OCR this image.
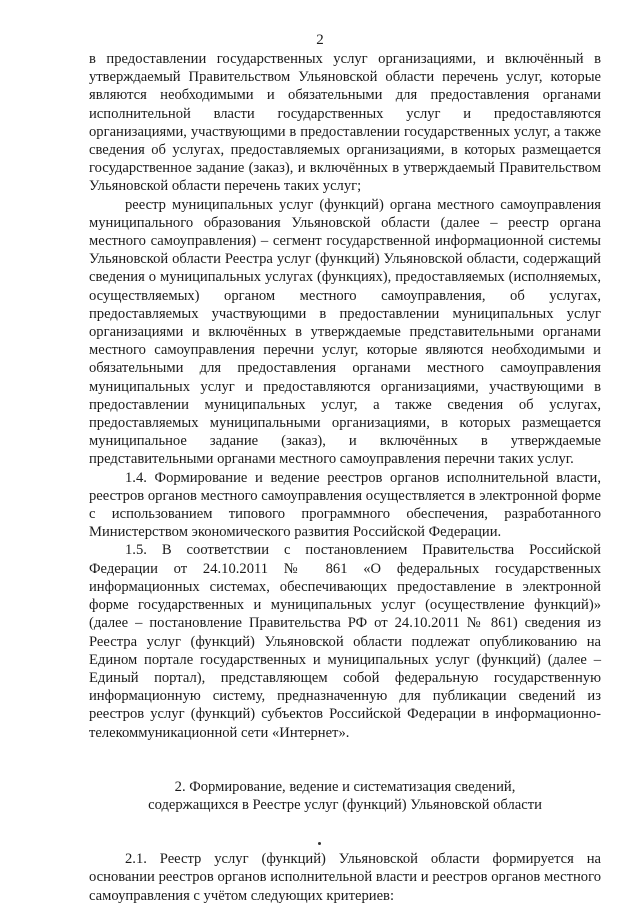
2

в предоставлении государственных услуг организациями, и включённый в утверждаемый Правительством Ульяновской области перечень услуг, которые являются необходимыми и обязательными для предоставления органами исполнительной власти государственных услуг и предоставляются организациями, участвующими в предоставлении государственных услуг, а также сведения об услугах, предоставляемых организациями, в которых размещается государственное задание (заказ), и включённых в утверждаемый Правительством Ульяновской области перечень таких услуг;

реестр муниципальных услуг (функций) органа местного самоуправления муниципального образования Ульяновской области (далее – реестр органа местного самоуправления) – сегмент государственной информационной системы Ульяновской области Реестра услуг (функций) Ульяновской области, содержащий сведения о муниципальных услугах (функциях), предоставляемых (исполняемых, осуществляемых) органом местного самоуправления, об услугах, предоставляемых участвующими в предоставлении муниципальных услуг организациями и включённых в утверждаемые представительными органами местного самоуправления перечни услуг, которые являются необходимыми и обязательными для предоставления органами местного самоуправления муниципальных услуг и предоставляются организациями, участвующими в предоставлении муниципальных услуг, а также сведения об услугах, предоставляемых муниципальными организациями, в которых размещается муниципальное задание (заказ), и включённых в утверждаемые представительными органами местного самоуправления перечни таких услуг.

1.4. Формирование и ведение реестров органов исполнительной власти, реестров органов местного самоуправления осуществляется в электронной форме с использованием типового программного обеспечения, разработанного Министерством экономического развития Российской Федерации.

1.5. В соответствии с постановлением Правительства Российской Федерации от 24.10.2011 № 861 «О федеральных государственных информационных системах, обеспечивающих предоставление в электронной форме государственных и муниципальных услуг (осуществление функций)» (далее – постановление Правительства РФ от 24.10.2011 № 861) сведения из Реестра услуг (функций) Ульяновской области подлежат опубликованию на Едином портале государственных и муниципальных услуг (функций) (далее – Единый портал), представляющем собой федеральную государственную информационную систему, предназначенную для публикации сведений из реестров услуг (функций) субъектов Российской Федерации в информационно-телекоммуникационной сети «Интернет».

2. Формирование, ведение и систематизация сведений,

содержащихся в Реестре услуг (функций) Ульяновской области

2.1. Реестр услуг (функций) Ульяновской области формируется на основании реестров органов исполнительной власти и реестров органов местного самоуправления с учётом следующих критериев:
